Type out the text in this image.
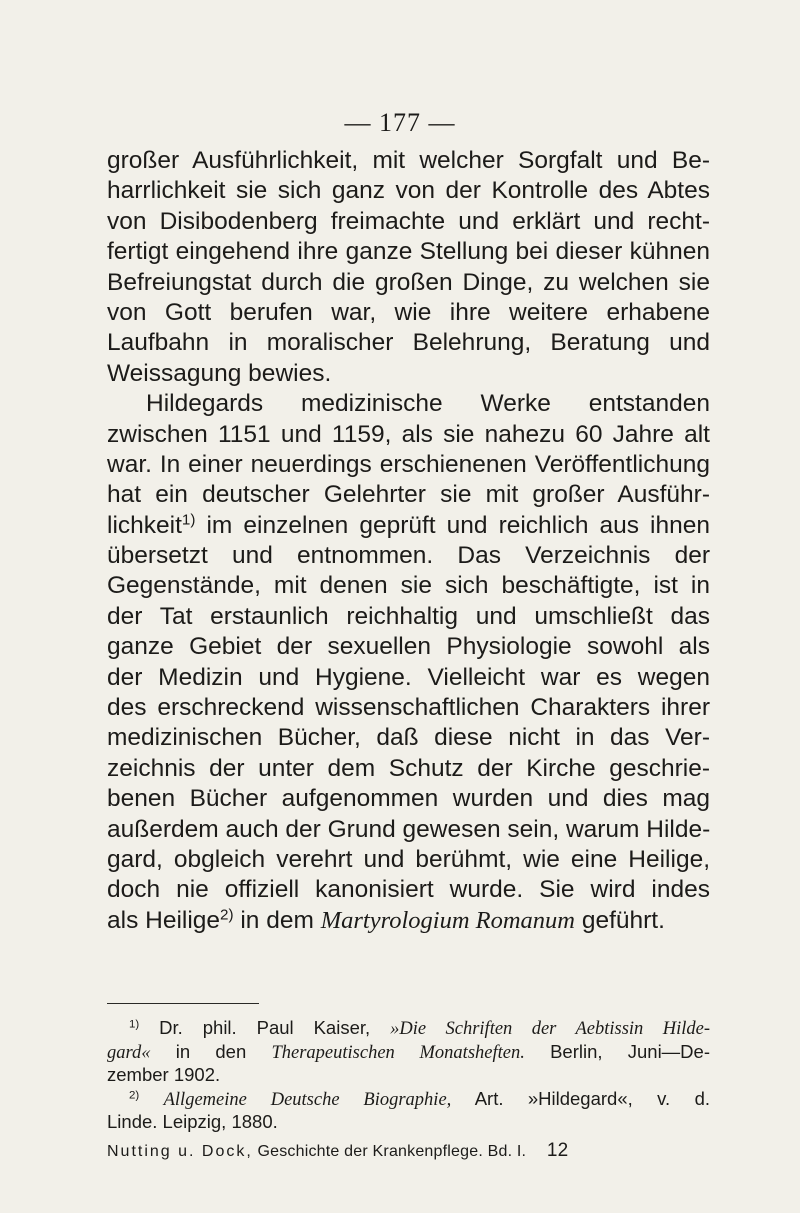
— 177 —
großer Ausführlichkeit, mit welcher Sorgfalt und Be-
harrlichkeit sie sich ganz von der Kontrolle des Abtes
von Disibodenberg freimachte und erklärt und recht-
fertigt eingehend ihre ganze Stellung bei dieser kühnen
Befreiungstat durch die großen Dinge, zu welchen sie
von Gott berufen war, wie ihre weitere erhabene
Laufbahn in moralischer Belehrung, Beratung und
Weissagung bewies.
Hildegards medizinische Werke entstanden
zwischen 1151 und 1159, als sie nahezu 60 Jahre alt
war. In einer neuerdings erschienenen Veröffentlichung
hat ein deutscher Gelehrter sie mit großer Ausführ-
lichkeit$^{1)}$ im einzelnen geprüft und reichlich aus ihnen
übersetzt und entnommen. Das Verzeichnis der
Gegenstände, mit denen sie sich beschäftigte, ist in
der Tat erstaunlich reichhaltig und umschließt das
ganze Gebiet der sexuellen Physiologie sowohl als
der Medizin und Hygiene. Vielleicht war es wegen
des erschreckend wissenschaftlichen Charakters ihrer
medizinischen Bücher, daß diese nicht in das Ver-
zeichnis der unter dem Schutz der Kirche geschrie-
benen Bücher aufgenommen wurden und dies mag
außerdem auch der Grund gewesen sein, warum Hilde-
gard, obgleich verehrt und berühmt, wie eine Heilige,
doch nie offiziell kanonisiert wurde. Sie wird indes
als Heilige$^{2)}$ in dem Martyrologium Romanum geführt.
$^{1)}$ Dr. phil. Paul Kaiser, »Die Schriften der Aebtissin Hilde-
gard« in den Therapeutischen Monatsheften. Berlin, Juni—De-
zember 1902.
$^{2)}$ Allgemeine Deutsche Biographie, Art. »Hildegard«, v. d.
Linde. Leipzig, 1880.
Nutting u. Dock, Geschichte der Krankenpflege. Bd. I. 12
